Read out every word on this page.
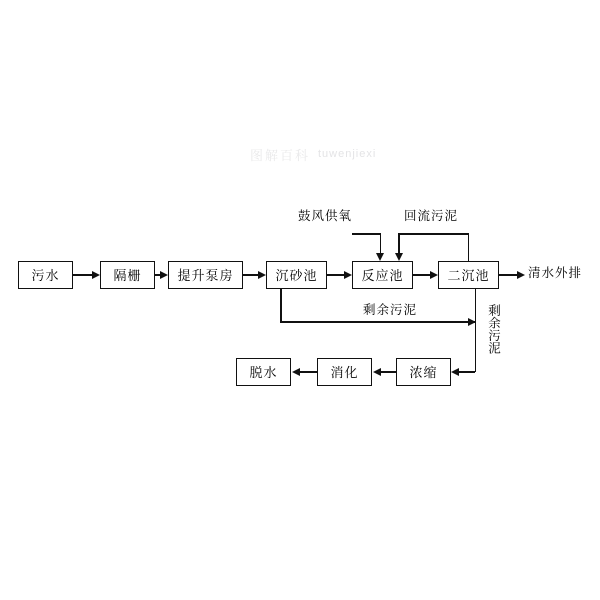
图解百科 tuwenjiexi
污水	隔栅	提升泵房	沉砂池	反应池	二沉池
浓缩
消化
脱水
清水外排
鼓风供氧	回流污泥
剩余污泥	剩余污泥
